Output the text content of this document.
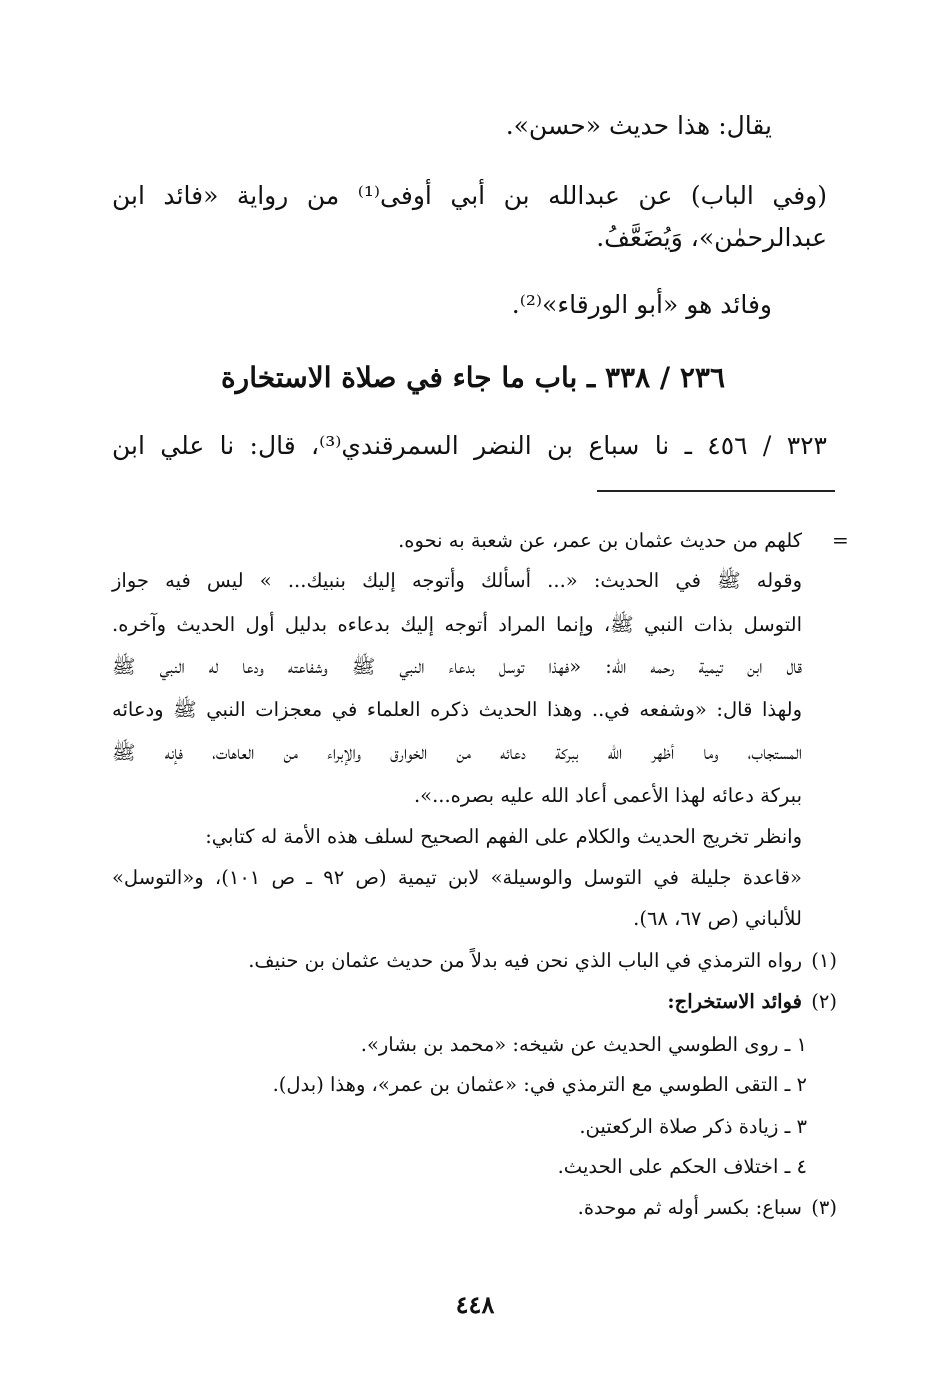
يقال: هذا حديث «حسن».
(وفي الباب) عن عبدالله بن أبي أوفى⁽¹⁾ من رواية «فائد ابن
عبدالرحمٰن»، وَيُضَعَّفُ.
وفائد هو «أبو الورقاء»⁽²⁾.
٢٣٦ / ٣٣٨ ـ باب ما جاء في صلاة الاستخارة
٣٢٣ / ٤٥٦ ـ نا سباع بن النضر السمرقندي⁽³⁾، قال: نا علي ابن
=
كلهم من حديث عثمان بن عمر، عن شعبة به نحوه.
وقوله ﷺ في الحديث: «... أسألك وأتوجه إليك بنبيك... » ليس فيه جواز
التوسل بذات النبي ﷺ، وإنما المراد أتوجه إليك بدعاءه بدليل أول الحديث وآخره.
قال ابن تيمية رحمه الله: «فهذا توسل بدعاء النبي ﷺ وشفاعته ودعا له النبي ﷺ
ولهذا قال: «وشفعه في.. وهذا الحديث ذكره العلماء في معجزات النبي ﷺ ودعائه
المستجاب، وما أظهر الله ببركة دعائه من الخوارق والإبراء من العاهات، فإنه ﷺ
ببركة دعائه لهذا الأعمى أعاد الله عليه بصره...».
وانظر تخريج الحديث والكلام على الفهم الصحيح لسلف هذه الأمة له كتابي:
«قاعدة جليلة في التوسل والوسيلة» لابن تيمية (ص ٩٢ ـ ص ١٠١)، و«التوسل»
للألباني (ص ٦٧، ٦٨).
(١)
رواه الترمذي في الباب الذي نحن فيه بدلاً من حديث عثمان بن حنيف.
(٢)
فوائد الاستخراج:
١ ـ روى الطوسي الحديث عن شيخه: «محمد بن بشار».
٢ ـ التقى الطوسي مع الترمذي في: «عثمان بن عمر»، وهذا (بدل).
٣ ـ زيادة ذكر صلاة الركعتين.
٤ ـ اختلاف الحكم على الحديث.
(٣)
سباع: بكسر أوله ثم موحدة.
٤٤٨
